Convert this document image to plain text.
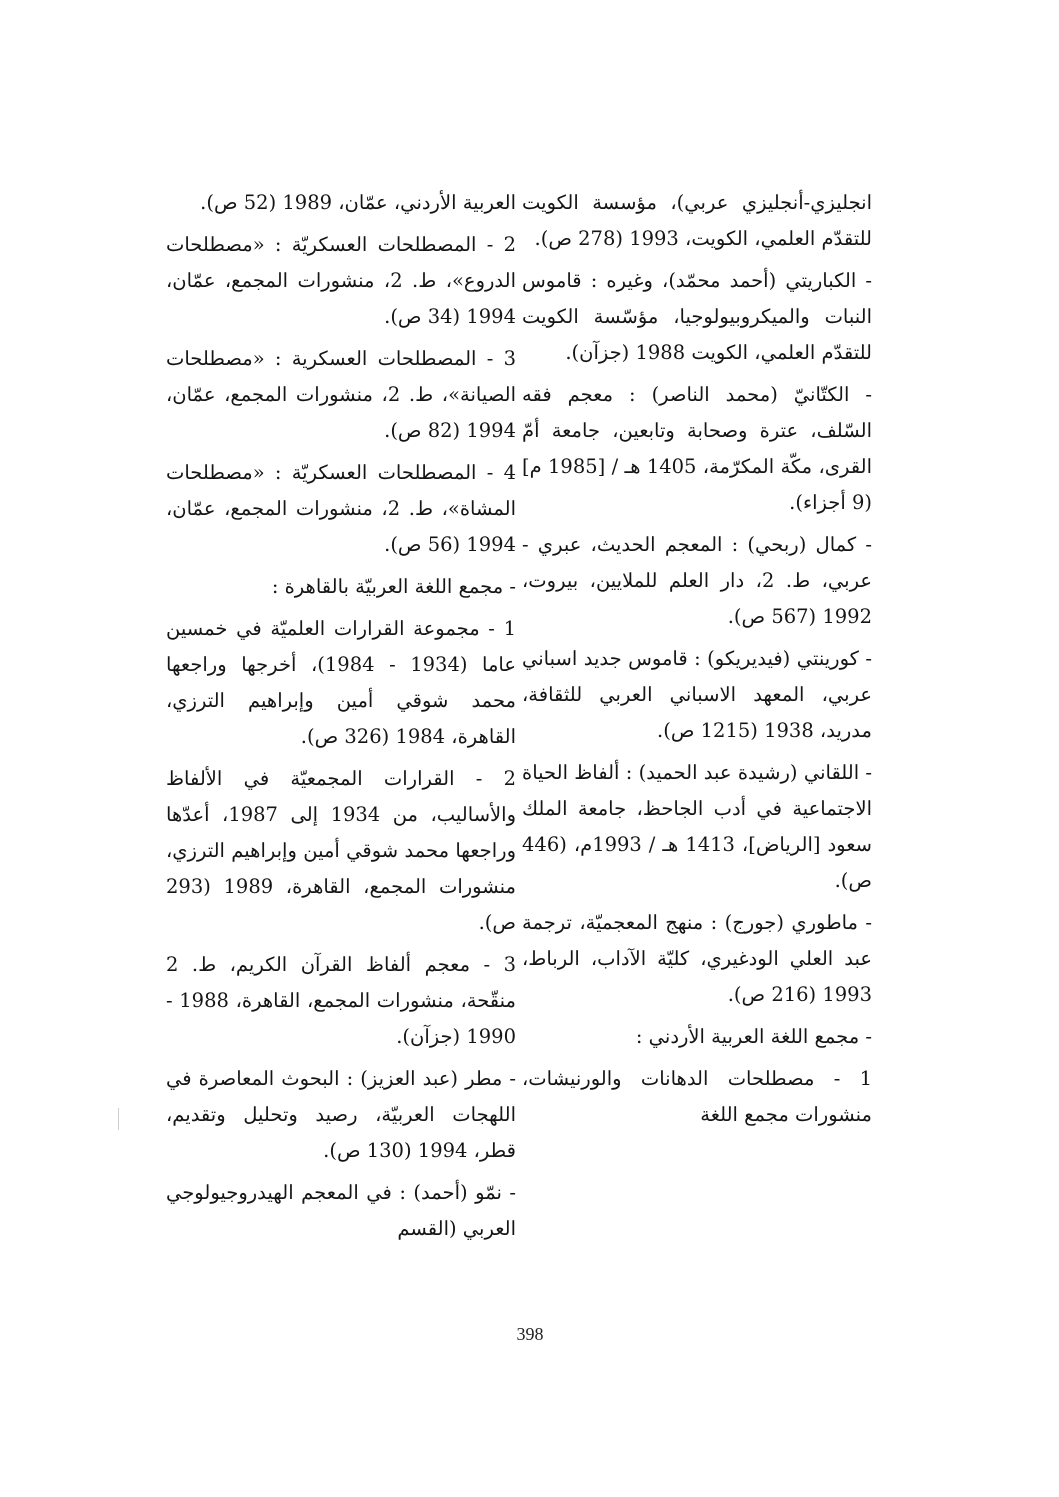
انجليزي-أنجليزي عربي)، مؤسسة الكويت للتقدّم العلمي، الكويت، 1993 (278 ص).

- الكباريتي (أحمد محمّد)، وغيره : قاموس النبات والميكروبيولوجيا، مؤسّسة الكويت للتقدّم العلمي، الكويت 1988 (جزآن).

- الكتّانيّ (محمد الناصر) : معجم فقه السّلف، عترة وصحابة وتابعين، جامعة أمّ القرى، مكّة المكرّمة، 1405 هـ / [1985 م] (9 أجزاء).

- كمال (ربحي) : المعجم الحديث، عبري - عربي، ط. 2، دار العلم للملايين، بيروت، 1992 (567 ص).

- كورينتي (فيديريكو) : قاموس جديد اسباني عربي، المعهد الاسباني العربي للثقافة، مدريد، 1938 (1215 ص).

- اللقاني (رشيدة عبد الحميد) : ألفاظ الحياة الاجتماعية في أدب الجاحظ، جامعة الملك سعود [الرياض]، 1413 هـ / 1993م، (446 ص).

- ماطوري (جورج) : منهج المعجميّة، ترجمة عبد العلي الودغيري، كليّة الآداب، الرباط، 1993 (216 ص).

- مجمع اللغة العربية الأردني :

1 - مصطلحات الدهانات والورنيشات، منشورات مجمع اللغة

العربية الأردني، عمّان، 1989 (52 ص).

2 - المصطلحات العسكريّة : «مصطلحات الدروع»، ط. 2، منشورات المجمع، عمّان، 1994 (34 ص).

3 - المصطلحات العسكرية : «مصطلحات الصيانة»، ط. 2، منشورات المجمع، عمّان، 1994 (82 ص).

4 - المصطلحات العسكريّة : «مصطلحات المشاة»، ط. 2، منشورات المجمع، عمّان، 1994 (56 ص).

- مجمع اللغة العربيّة بالقاهرة :

1 - مجموعة القرارات العلميّة في خمسين عاما (1934 - 1984)، أخرجها وراجعها محمد شوقي أمين وإبراهيم الترزي، القاهرة، 1984 (326 ص).

2 - القرارات المجمعيّة في الألفاظ والأساليب، من 1934 إلى 1987، أعدّها وراجعها محمد شوقي أمين وإبراهيم الترزي، منشورات المجمع، القاهرة، 1989 (293 ص).

3 - معجم ألفاظ القرآن الكريم، ط. 2 منقّحة، منشورات المجمع، القاهرة، 1988 - 1990 (جزآن).

- مطر (عبد العزيز) : البحوث المعاصرة في اللهجات العربيّة، رصيد وتحليل وتقديم، قطر، 1994 (130 ص).

- نمّو (أحمد) : في المعجم الهيدروجيولوجي العربي (القسم

398
